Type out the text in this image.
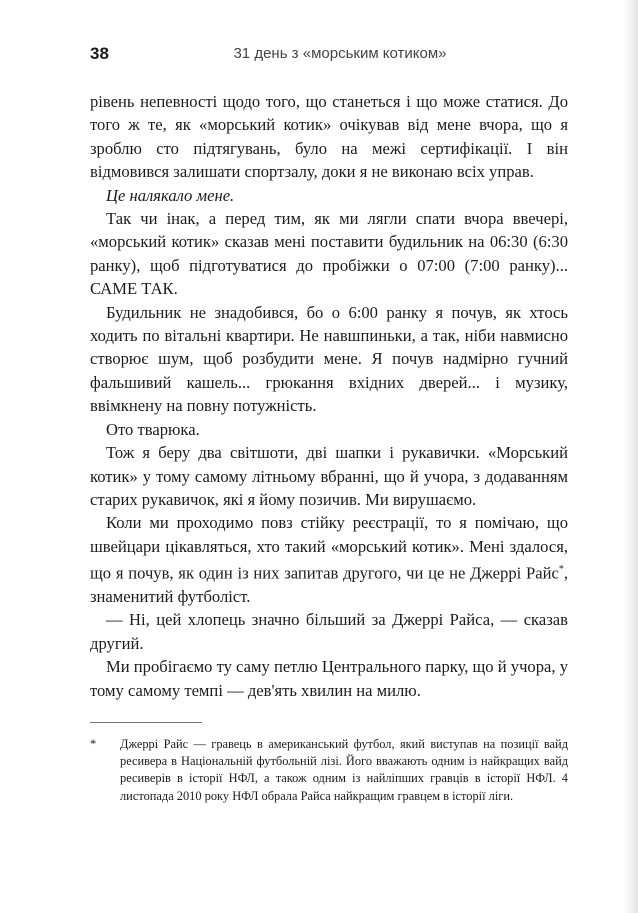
38	31 день з «морським котиком»

рівень непевності щодо того, що станеться і що може статися. До того ж те, як «морський котик» очікував від мене вчора, що я зроблю сто підтягувань, було на межі сертифікації. І він відмовився залишати спортзалу, доки я не виконаю всіх управ.

Це налякало мене.

Так чи інак, а перед тим, як ми лягли спати вчора ввечері, «морський котик» сказав мені поставити будильник на 06:30 (6:30 ранку), щоб підготуватися до пробіжки о 07:00 (7:00 ранку)... САМЕ ТАК.

Будильник не знадобився, бо о 6:00 ранку я почув, як хтось ходить по вітальні квартири. Не навшпиньки, а так, ніби навмисно створює шум, щоб розбудити мене. Я почув надмірно гучний фальшивий кашель... грюкання вхідних дверей... і музику, ввімкнену на повну потужність.

Ото тварюка.

Тож я беру два світшоти, дві шапки і рукавички. «Морський котик» у тому самому літньому вбранні, що й учора, з додаванням старих рукавичок, які я йому позичив. Ми вирушаємо.

Коли ми проходимо повз стійку реєстрації, то я помічаю, що швейцари цікавляться, хто такий «морський котик». Мені здалося, що я почув, як один із них запитав другого, чи це не Джеррі Райс*, знаменитий футболіст.

— Ні, цей хлопець значно більший за Джеррі Райса, — сказав другий.

Ми пробігаємо ту саму петлю Центрального парку, що й учора, у тому самому темпі — дев'ять хвилин на милю.

*	Джеррі Райс — гравець в американський футбол, який виступав на позиції вайд ресивера в Національній футбольній лізі. Його вважають одним із найкращих вайд ресиверів в історії НФЛ, а також одним із найліпших гравців в історії НФЛ. 4 листопада 2010 року НФЛ обрала Райса найкращим гравцем в історії ліги.
